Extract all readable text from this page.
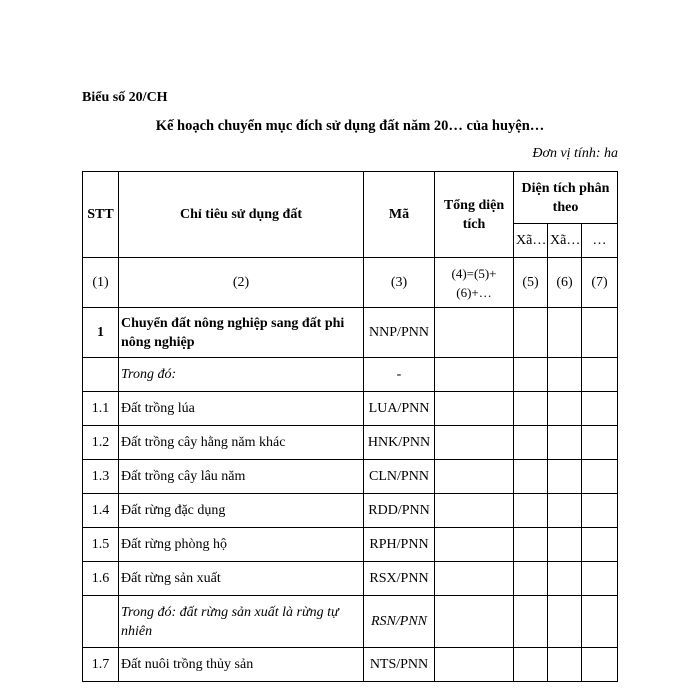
Biểu số 20/CH
Kế hoạch chuyển mục đích sử dụng đất năm 20… của huyện…
Đơn vị tính: ha
STT	Chỉ tiêu sử dụng đất	Mã	Tổng diện tích	Diện tích phân theo		
				Xã…	Xã…	…
(1)	(2)	(3)	(4)=(5)+(6)+…	(5)	(6)	(7)
1	Chuyển đất nông nghiệp sang đất phi nông nghiệp	NNP/PNN				
	Trong đó:	-				
1.1	Đất trồng lúa	LUA/PNN				
1.2	Đất trồng cây hằng năm khác	HNK/PNN				
1.3	Đất trồng cây lâu năm	CLN/PNN				
1.4	Đất rừng đặc dụng	RDD/PNN				
1.5	Đất rừng phòng hộ	RPH/PNN				
1.6	Đất rừng sản xuất	RSX/PNN				
	Trong đó: đất rừng sản xuất là rừng tự nhiên	RSN/PNN				
1.7	Đất nuôi trồng thủy sản	NTS/PNN				
